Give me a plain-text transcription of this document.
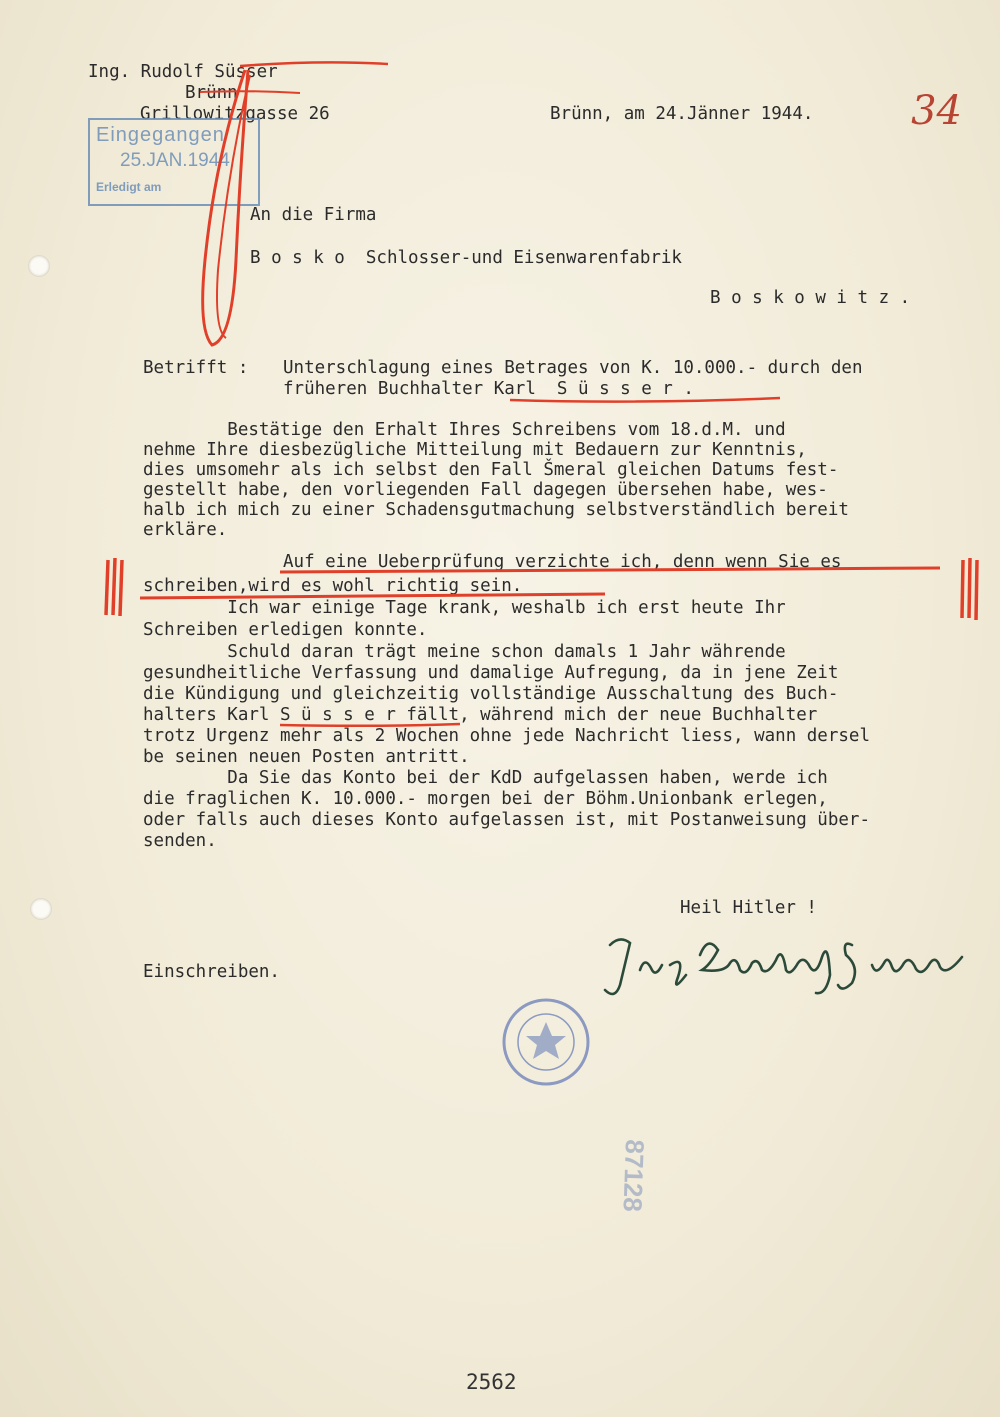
Ing. Rudolf Süsser
Brünn
Grillowitzgasse 26	Brünn, am 24.Jänner 1944. 34
Eingegangen
25.JAN.1944
Erledigt am
An die Firma
B o s k o  Schlosser-und Eisenwarenfabrik
B o s k o w i t z .
Betrifft : Unterschlagung eines Betrages von K. 10.000.- durch den
früheren Buchhalter Karl  S ü s s e r .
Bestätige den Erhalt Ihres Schreibens vom 18.d.M. und
nehme Ihre diesbezügliche Mitteilung mit Bedauern zur Kenntnis,
dies umsomehr als ich selbst den Fall Šmeral gleichen Datums fest-
gestellt habe, den vorliegenden Fall dagegen übersehen habe, wes-
halb ich mich zu einer Schadensgutmachung selbstverständlich bereit
erkläre.
Auf eine Ueberprüfung verzichte ich, denn wenn Sie es
schreiben,wird es wohl richtig sein.
Ich war einige Tage krank, weshalb ich erst heute Ihr
Schreiben erledigen konnte.
Schuld daran trägt meine schon damals 1 Jahr währende
gesundheitliche Verfassung und damalige Aufregung, da in jene Zeit
die Kündigung und gleichzeitig vollständige Ausschaltung des Buch-
halters Karl S ü s s e r fällt, während mich der neue Buchhalter
trotz Urgenz mehr als 2 Wochen ohne jede Nachricht liess, wann dersel
be seinen neuen Posten antritt.
Da Sie das Konto bei der KdD aufgelassen haben, werde ich
die fraglichen K. 10.000.- morgen bei der Böhm.Unionbank erlegen,
oder falls auch dieses Konto aufgelassen ist, mit Postanweisung über-
senden.
Heil Hitler !
Einschreiben.
87128
2562
